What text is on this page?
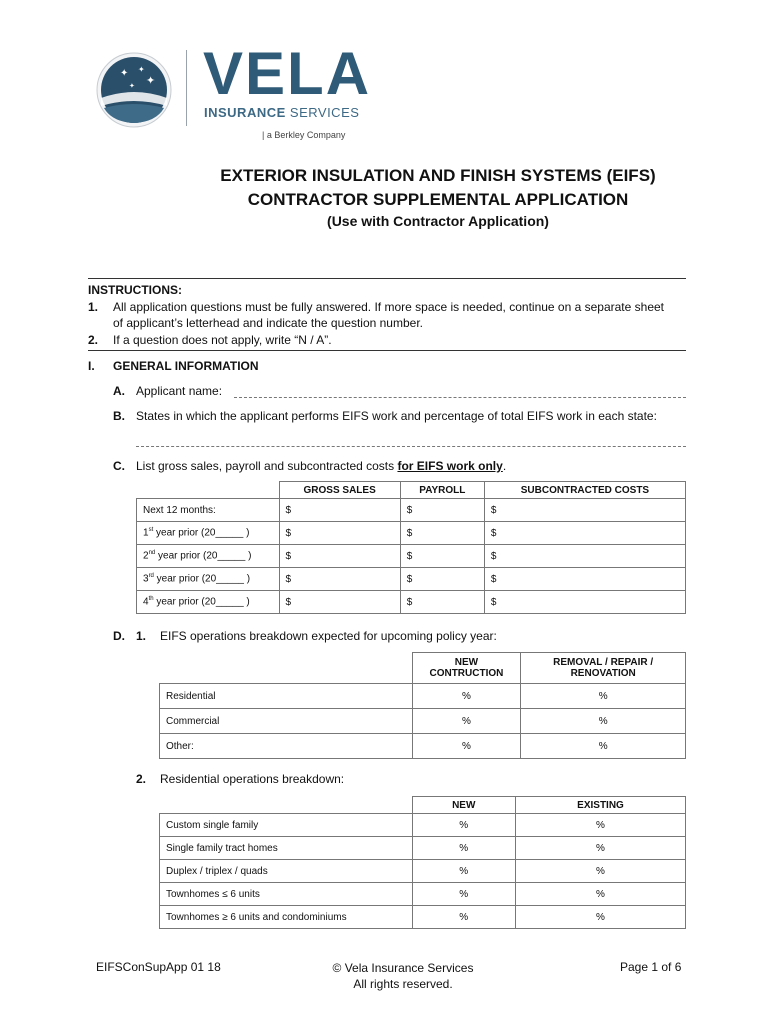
✦ ✦
✦
✦ VELA
INSURANCE SERVICES
| a Berkley Company
EXTERIOR INSULATION AND FINISH SYSTEMS (EIFS)
CONTRACTOR SUPPLEMENTAL APPLICATION
(Use with Contractor Application)
INSTRUCTIONS:
1. All application questions must be fully answered. If more space is needed, continue on a separate sheet
of applicant’s letterhead and indicate the question number.
2. If a question does not apply, write “N / A”.
I. GENERAL INFORMATION
A. Applicant name:
B. States in which the applicant performs EIFS work and percentage of total EIFS work in each state:
C. List gross sales, payroll and subcontracted costs for EIFS work only.
	GROSS SALES	PAYROLL	SUBCONTRACTED COSTS
Next 12 months:	$	$	$
1st year prior (20_____ )	$	$	$
2nd year prior (20_____ )	$	$	$
3rd year prior (20_____ )	$	$	$
4th year prior (20_____ )	$	$	$
D. 1. EIFS operations breakdown expected for upcoming policy year:
	NEW CONTRUCTION	REMOVAL / REPAIR / RENOVATION
Residential	%	%
Commercial	%	%
Other:	%	%
2. Residential operations breakdown:
	NEW	EXISTING
Custom single family	%	%
Single family tract homes	%	%
Duplex / triplex / quads	%	%
Townhomes ≤ 6 units	%	%
Townhomes ≥ 6 units and condominiums	%	%
EIFSConSupApp 01 18	© Vela Insurance Services
All rights reserved.
Page 1 of 6
